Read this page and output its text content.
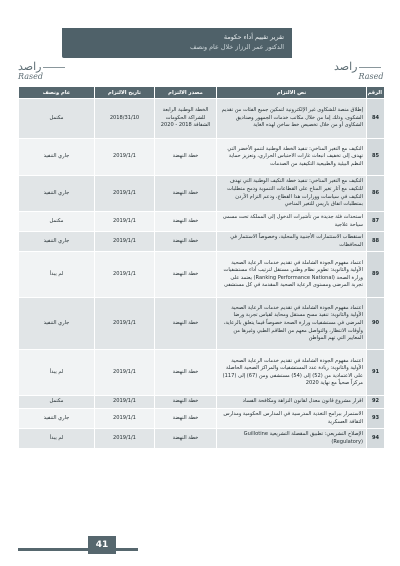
تقرير تقييم أداء حكومة
الدكتور عمر الرزاز خلال عام ونصف
راصد
Rased
راصد
Rased
الرقم	نص الالتزام	مصدر الالتزام	تاريخ الالتزام	عام ونصف
84	إطلاق منصة للشكاوى غير الإلكترونية لتمكين جميع الفئات من تقديم الشكوى، وذلك إما من خلال مكاتب خدمات الجمهور وصناديق الشكاوى أو من خلال تخصيص خط ساخن لهذه الغاية	الخطة الوطنية الرابعة للشراكة الحكومات الشفافة 2018 - 2020	2018/31/10	مكتمل
85	التكيف مع التغير المناخي: تنفيذ الخطة الوطنية لتنمو الأخضر التي تهدف إلى تخفيف انبعاث غازات الاحتباس الحراري، وتعزيز حماية النظم البيئية والطبيعية التكيفية من الصدمات	خطة النهضة	2019/1/1	جاري التنفيذ
86	التكيف مع التغير المناخي: تنفيذ خطة التكيف الوطنية التي تهدف للتكيف مع آثار تغير المناخ على القطاعات التنموية ودمج متطلبات التكيف في سياسات ووزارات هذا القطاع، ودعم التزام الأردن بمتطلبات اتفاق باريس للتغير المناخي	خطة النهضة	2019/1/1	جاري التنفيذ
87	استحداث فئة جديدة من تأشيرات الدخول إلى المملكة تحت مسمى سياحة علاجية	خطة النهضة	2019/1/1	مكتمل
88	استقطاب الاستثمارات الأجنبية والمحلية، وخصوصاً الاستثمار في المحافظات	خطة النهضة	2019/1/1	جاري التنفيذ
89	اعتماد مفهوم الجودة الشاملة في تقديم خدمات الرعاية الصحية الأولية والثانوية: تطوير نظام وطني مستقل لترتيب أداء مستشفيات وزارة الصحة (Ranking Performance National) يعتمد على تجربة المرضى ومستوى الرعاية الصحية المقدمة في كل مستشفى	خطة النهضة	2019/1/1	لم يبدأ
90	اعتماد مفهوم الجودة الشاملة في تقديم خدمات الرعاية الصحية الأولية والثانوية: تنفيذ مسح مستقل ومحايد لقياس تجربة ورضا المرضى في مستشفيات وزارة الصحة خصوصاً فيما يتعلق بالرعاية، وأوقات الانتظار، والتواصل معهم من الطاقم الطبي وغيرها من المعايير التي تهم المواطن	خطة النهضة	2019/1/1	جاري التنفيذ
91	اعتماد مفهوم الجودة الشاملة في تقديم خدمات الرعاية الصحية الأولية والثانوية: زيادة عدد المستشفيات والمراكز الصحية الحاصلة على الاعتمادية من (52) إلى (54) مستشفى ومن (67) إلى (117) مركزاً صحياً مع نهاية 2020	خطة النهضة	2019/1/1	لم يبدأ
92	اقرار مشروع قانون معدل لقانون النزاهة ومكافحة الفساد	خطة النهضة	2019/1/1	مكتمل
93	الاستمرار ببرامج التغذية المدرسية في المدارس الحكومية ومدارس الثقافة العسكرية	خطة النهضة	2019/1/1	جاري التنفيذ
94	الإصلاح التشريعي: تطبيق المقصلة التشريعية Guillotine (Regulatory)	خطة النهضة	2019/1/1	لم يبدأ
41
